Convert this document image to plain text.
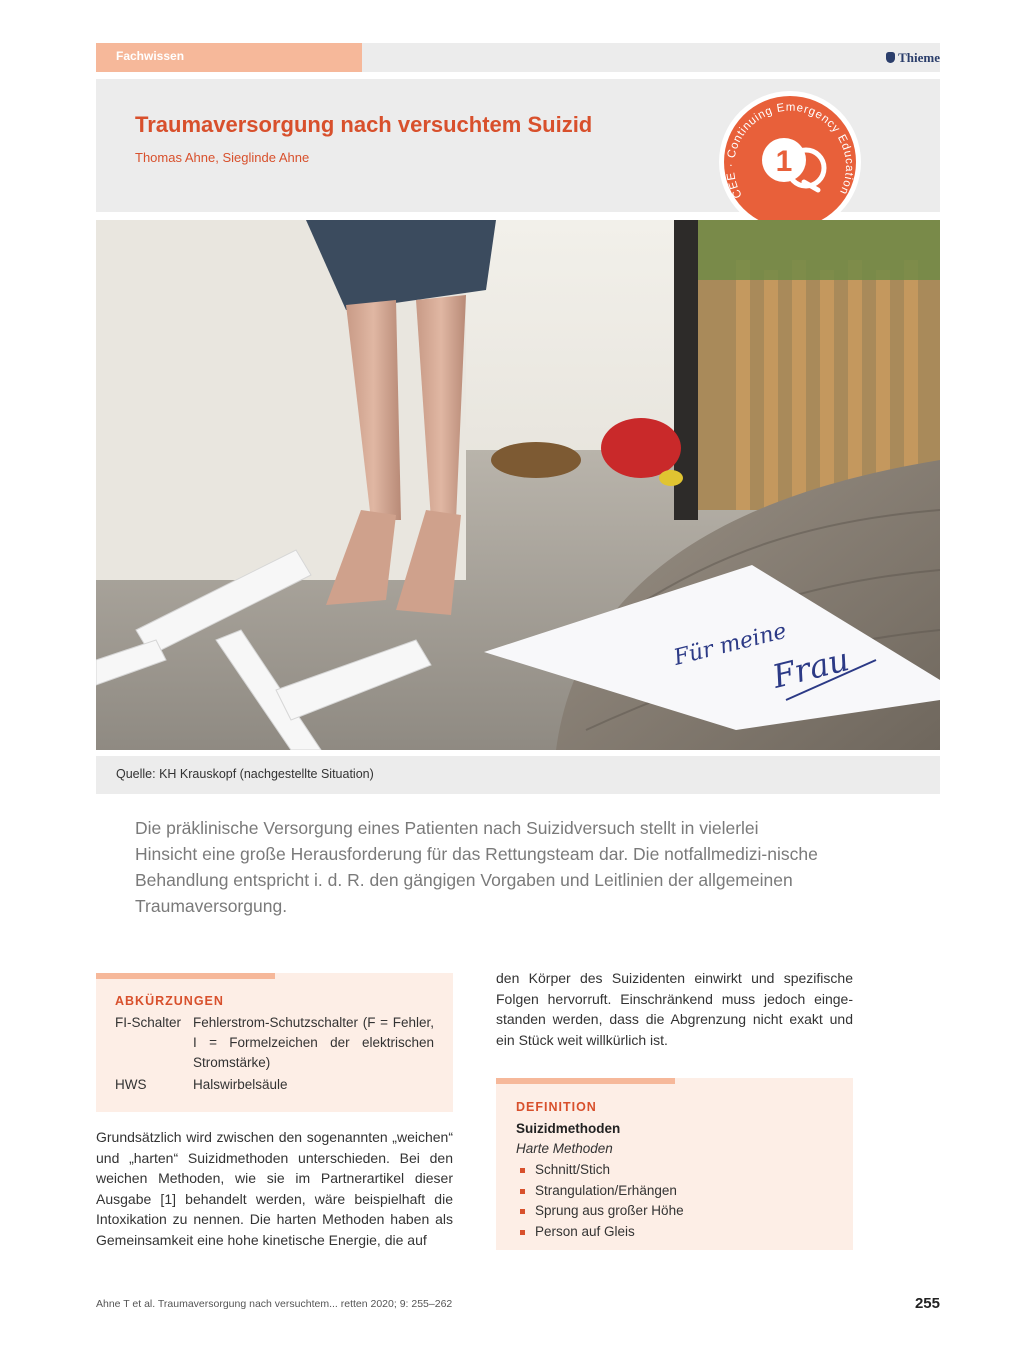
Fachwissen	Thieme
Traumaversorgung nach versuchtem Suizid
Thomas Ahne, Sieglinde Ahne
CEE · Continuing Emergency Education
1
Für meine
Frau
Quelle: KH Krauskopf (nachgestellte Situation)
Die präklinische Versorgung eines Patienten nach Suizidversuch stellt in vielerlei Hinsicht eine große Herausforderung für das Rettungsteam dar. Die notfallmedizi-nische Behandlung entspricht i. d. R. den gängigen Vorgaben und Leitlinien der allgemeinen Traumaversorgung.
ABKÜRZUNGEN
FI-Schalter Fehlerstrom-Schutzschalter (F = Fehler, I = Formelzeichen der elektrischen Stromstärke)
HWS	Halswirbelsäule
Grundsätzlich wird zwischen den sogenannten „weichen“ und „harten“ Suizidmethoden unterschieden. Bei den weichen Methoden, wie sie im Partnerartikel dieser Ausgabe [1] behandelt werden, wäre beispielhaft die Intoxikation zu nennen. Die harten Methoden haben als Gemeinsamkeit eine hohe kinetische Energie, die auf
den Körper des Suizidenten einwirkt und spezifische Folgen hervorruft. Einschränkend muss jedoch einge-standen werden, dass die Abgrenzung nicht exakt und ein Stück weit willkürlich ist.
DEFINITION
Suizidmethoden
Harte Methoden
Schnitt/Stich
Strangulation/Erhängen
Sprung aus großer Höhe
Person auf Gleis
Ahne T et al. Traumaversorgung nach versuchtem... retten 2020; 9: 255–262	255
